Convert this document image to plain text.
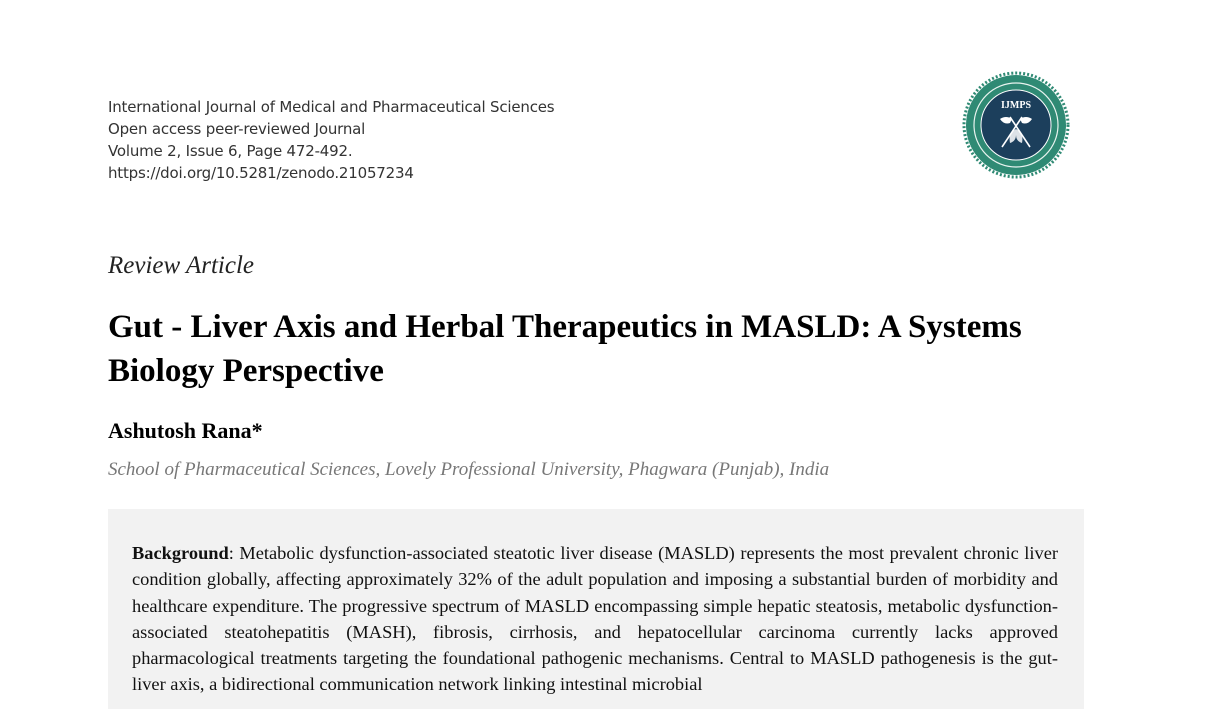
International Journal of Medical and Pharmaceutical Sciences
Open access peer-reviewed Journal
Volume 2, Issue 6, Page 472-492.
https://doi.org/10.5281/zenodo.21057234
IJMPS
Review Article
Gut - Liver Axis and Herbal Therapeutics in MASLD: A Systems Biology Perspective
Ashutosh Rana*
School of Pharmaceutical Sciences, Lovely Professional University, Phagwara (Punjab), India

Background: Metabolic dysfunction-associated steatotic liver disease (MASLD) represents the most prevalent chronic liver condition globally, affecting approximately 32% of the adult population and imposing a substantial burden of morbidity and healthcare expenditure. The progressive spectrum of MASLD encompassing simple hepatic steatosis, metabolic dysfunction-associated steatohepatitis (MASH), fibrosis, cirrhosis, and hepatocellular carcinoma currently lacks approved pharmacological treatments targeting the foundational pathogenic mechanisms. Central to MASLD pathogenesis is the gut-liver axis, a bidirectional communication network linking intestinal microbial
